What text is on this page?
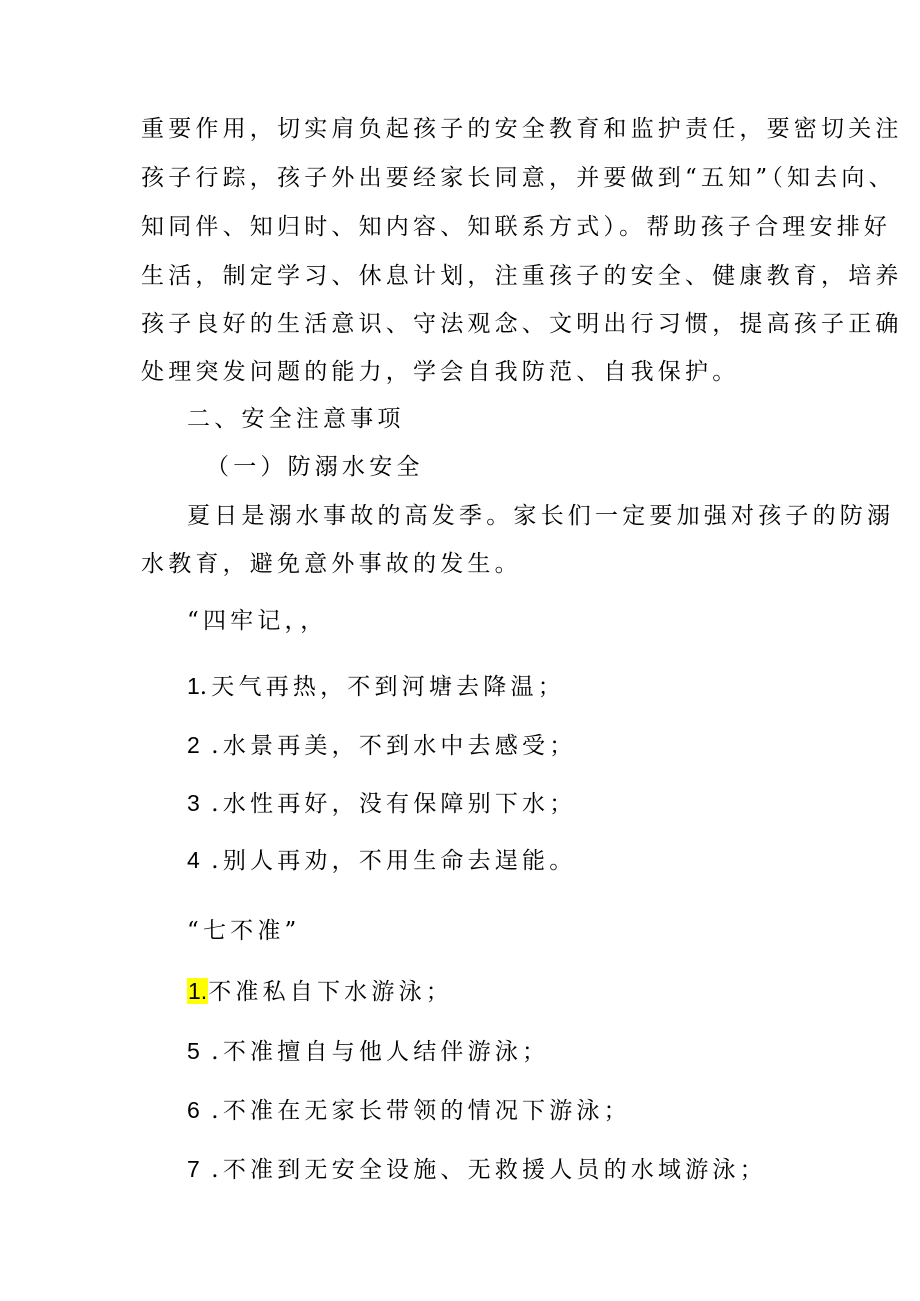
重要作用，切实肩负起孩子的安全教育和监护责任，要密切关注
孩子行踪，孩子外出要经家长同意，并要做到“五知”（知去向、
知同伴、知归时、知内容、知联系方式）。帮助孩子合理安排好
生活，制定学习、休息计划，注重孩子的安全、健康教育，培养
孩子良好的生活意识、守法观念、文明出行习惯，提高孩子正确
处理突发问题的能力，学会自我防范、自我保护。
二、安全注意事项
（一）防溺水安全
夏日是溺水事故的高发季。家长们一定要加强对孩子的防溺
水教育，避免意外事故的发生。
“四牢记，，
1.天气再热，不到河塘去降温；
2 .水景再美，不到水中去感受；
3 .水性再好，没有保障别下水；
4 .别人再劝，不用生命去逞能。
“七不准”
1.不准私自下水游泳；
5 .不准擅自与他人结伴游泳；
6 .不准在无家长带领的情况下游泳；
7 .不准到无安全设施、无救援人员的水域游泳；
